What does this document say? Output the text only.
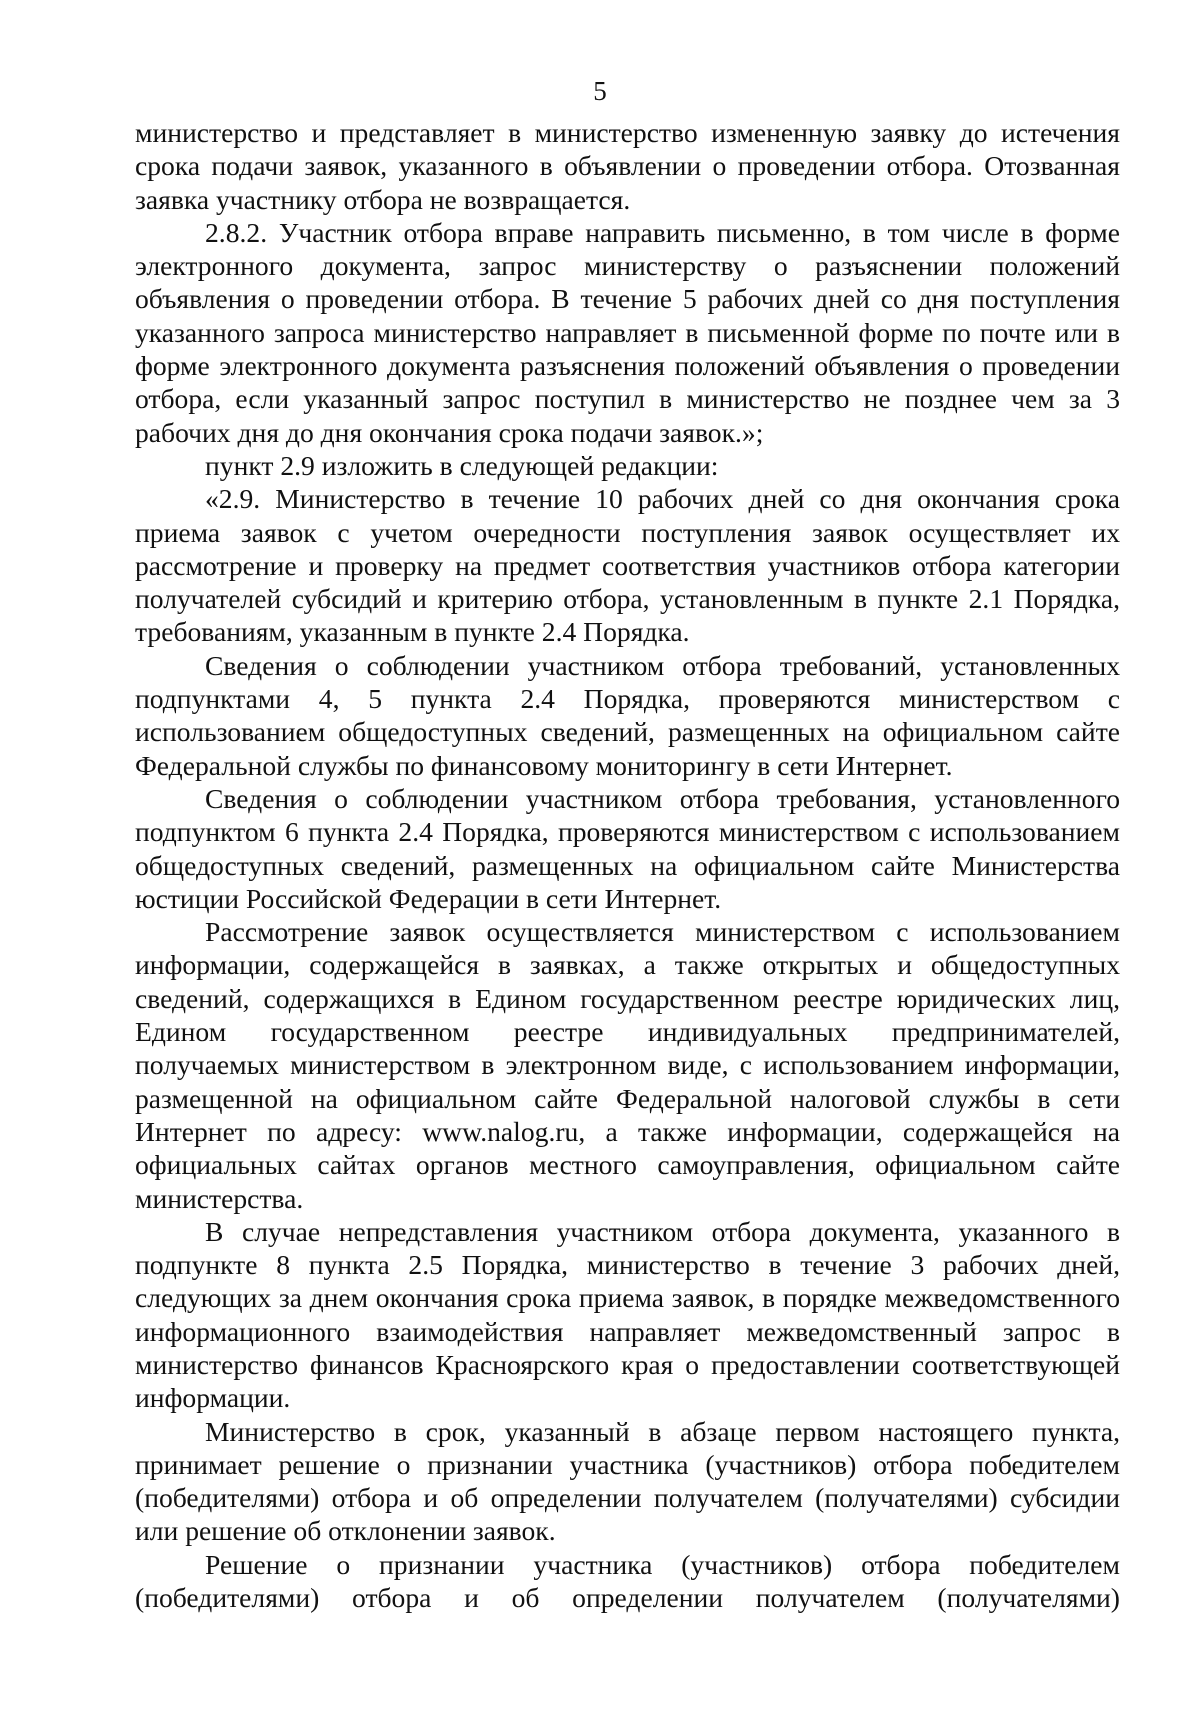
5

министерство и представляет в министерство измененную заявку до истечения срока подачи заявок, указанного в объявлении о проведении отбора. Отозванная заявка участнику отбора не возвращается.

2.8.2. Участник отбора вправе направить письменно, в том числе в форме электронного документа, запрос министерству о разъяснении положений объявления о проведении отбора. В течение 5 рабочих дней со дня поступления указанного запроса министерство направляет в письменной форме по почте или в форме электронного документа разъяснения положений объявления о проведении отбора, если указанный запрос поступил в министерство не позднее чем за 3 рабочих дня до дня окончания срока подачи заявок.»;

пункт 2.9 изложить в следующей редакции:

«2.9. Министерство в течение 10 рабочих дней со дня окончания срока приема заявок с учетом очередности поступления заявок осуществляет их рассмотрение и проверку на предмет соответствия участников отбора категории получателей субсидий и критерию отбора, установленным в пункте 2.1 Порядка, требованиям, указанным в пункте 2.4 Порядка.

Сведения о соблюдении участником отбора требований, установленных подпунктами 4, 5 пункта 2.4 Порядка, проверяются министерством с использованием общедоступных сведений, размещенных на официальном сайте Федеральной службы по финансовому мониторингу в сети Интернет.

Сведения о соблюдении участником отбора требования, установленного подпунктом 6 пункта 2.4 Порядка, проверяются министерством с использованием общедоступных сведений, размещенных на официальном сайте Министерства юстиции Российской Федерации в сети Интернет.

Рассмотрение заявок осуществляется министерством с использованием информации, содержащейся в заявках, а также открытых и общедоступных сведений, содержащихся в Едином государственном реестре юридических лиц, Едином государственном реестре индивидуальных предпринимателей, получаемых министерством в электронном виде, с использованием информации, размещенной на официальном сайте Федеральной налоговой службы в сети Интернет по адресу: www.nalog.ru, а также информации, содержащейся на официальных сайтах органов местного самоуправления, официальном сайте министерства.

В случае непредставления участником отбора документа, указанного в подпункте 8 пункта 2.5 Порядка, министерство в течение 3 рабочих дней, следующих за днем окончания срока приема заявок, в порядке межведомственного информационного взаимодействия направляет межведомственный запрос в министерство финансов Красноярского края о предоставлении соответствующей информации.

Министерство в срок, указанный в абзаце первом настоящего пункта, принимает решение о признании участника (участников) отбора победителем (победителями) отбора и об определении получателем (получателями) субсидии или решение об отклонении заявок.

Решение о признании участника (участников) отбора победителем (победителями) отбора и об определении получателем (получателями)
